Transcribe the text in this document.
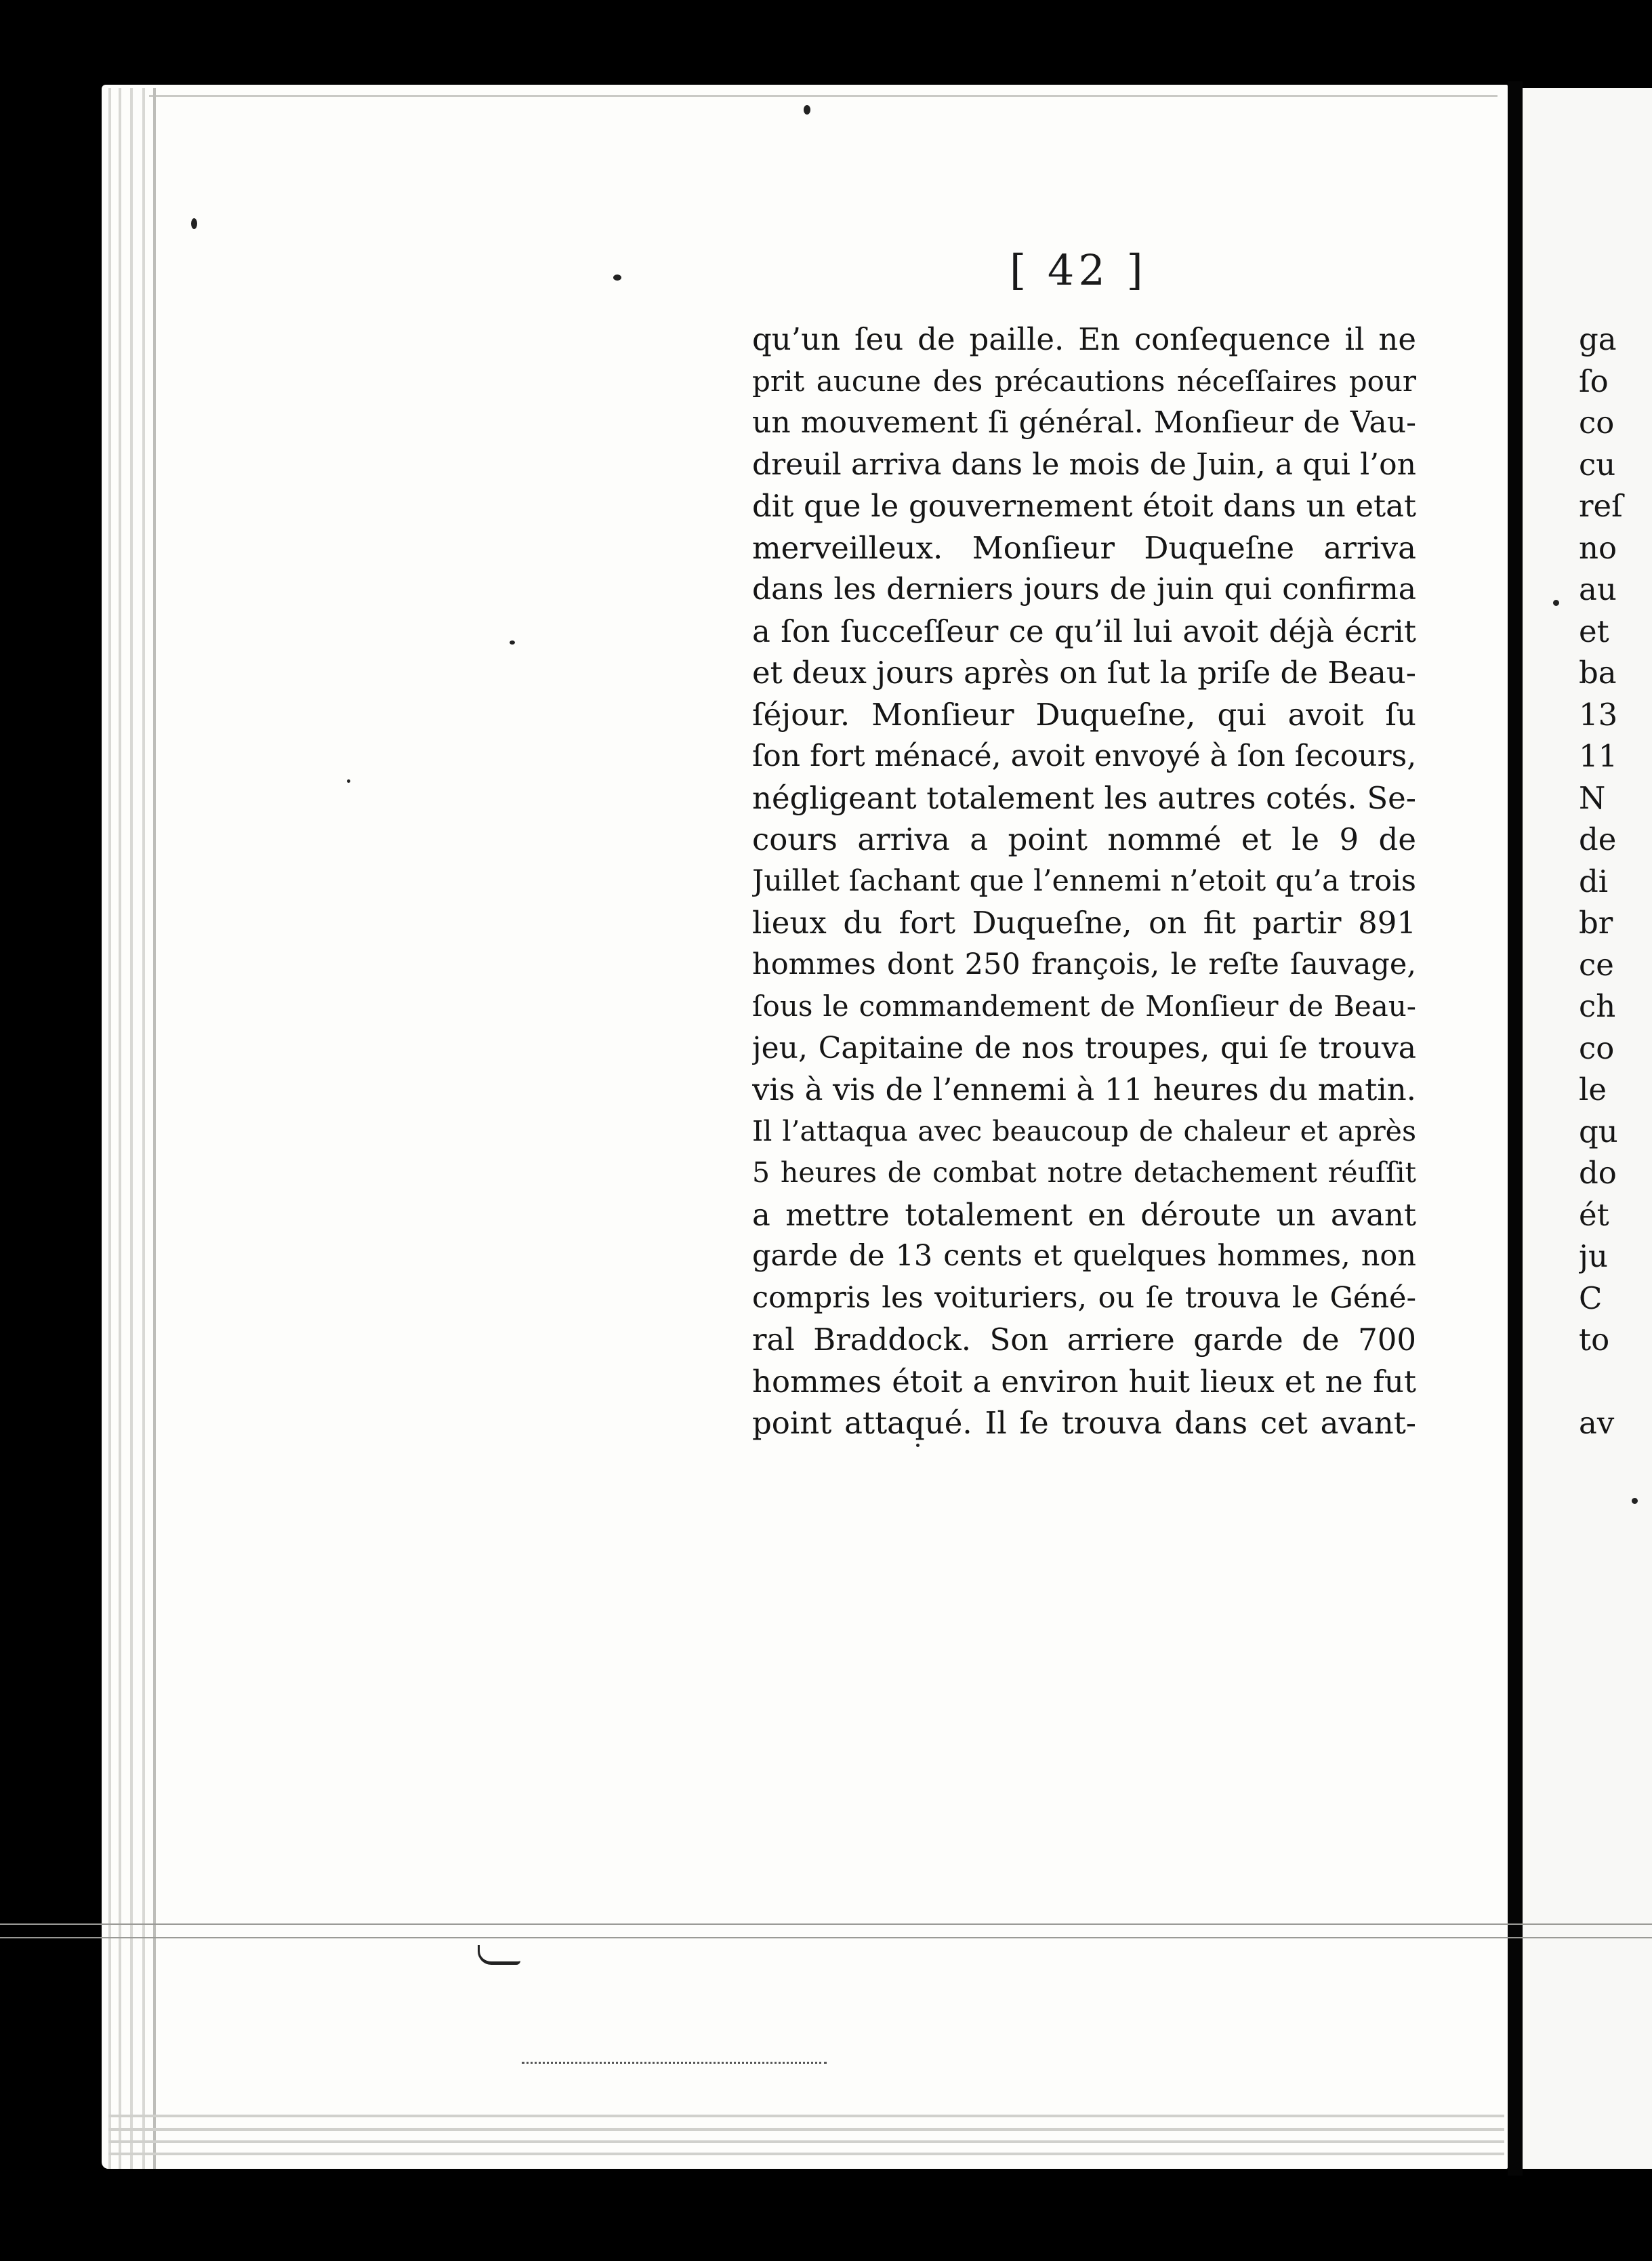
[ 42 ]
qu’un ſeu de paille. En conſequence il ne
prit aucune des précautions néceſſaires pour
un mouvement ſi général. Monſieur de Vau-
dreuil arriva dans le mois de Juin, a qui l’on
dit que le gouvernement étoit dans un etat
merveilleux. Monſieur Duqueſne arriva
dans les derniers jours de juin qui confirma
a ſon ſucceſſeur ce qu’il lui avoit déjà écrit
et deux jours après on ſut la priſe de Beau-
ſéjour. Monſieur Duqueſne, qui avoit ſu
ſon fort ménacé, avoit envoyé à ſon ſecours,
négligeant totalement les autres cotés. Se-
cours arriva a point nommé et le 9 de
Juillet ſachant que l’ennemi n’etoit qu’a trois
lieux du fort Duqueſne, on fit partir 891
hommes dont 250 françois, le reſte ſauvage,
ſous le commandement de Monſieur de Beau-
jeu, Capitaine de nos troupes, qui ſe trouva
vis à vis de l’ennemi à 11 heures du matin.
Il l’attaqua avec beaucoup de chaleur et après
5 heures de combat notre detachement réuſſit
a mettre totalement en déroute un avant
garde de 13 cents et quelques hommes, non
compris les voituriers, ou ſe trouva le Géné-
ral Braddock. Son arriere garde de 700
hommes étoit a environ huit lieux et ne fut
point attaqué. Il ſe trouva dans cet avant-
ga
ſo
co
cu
reſ
no
au
et
ba
13
11
N
de
di
br
ce
ch
co
le
qu
do
ét
ju
C
to
av
